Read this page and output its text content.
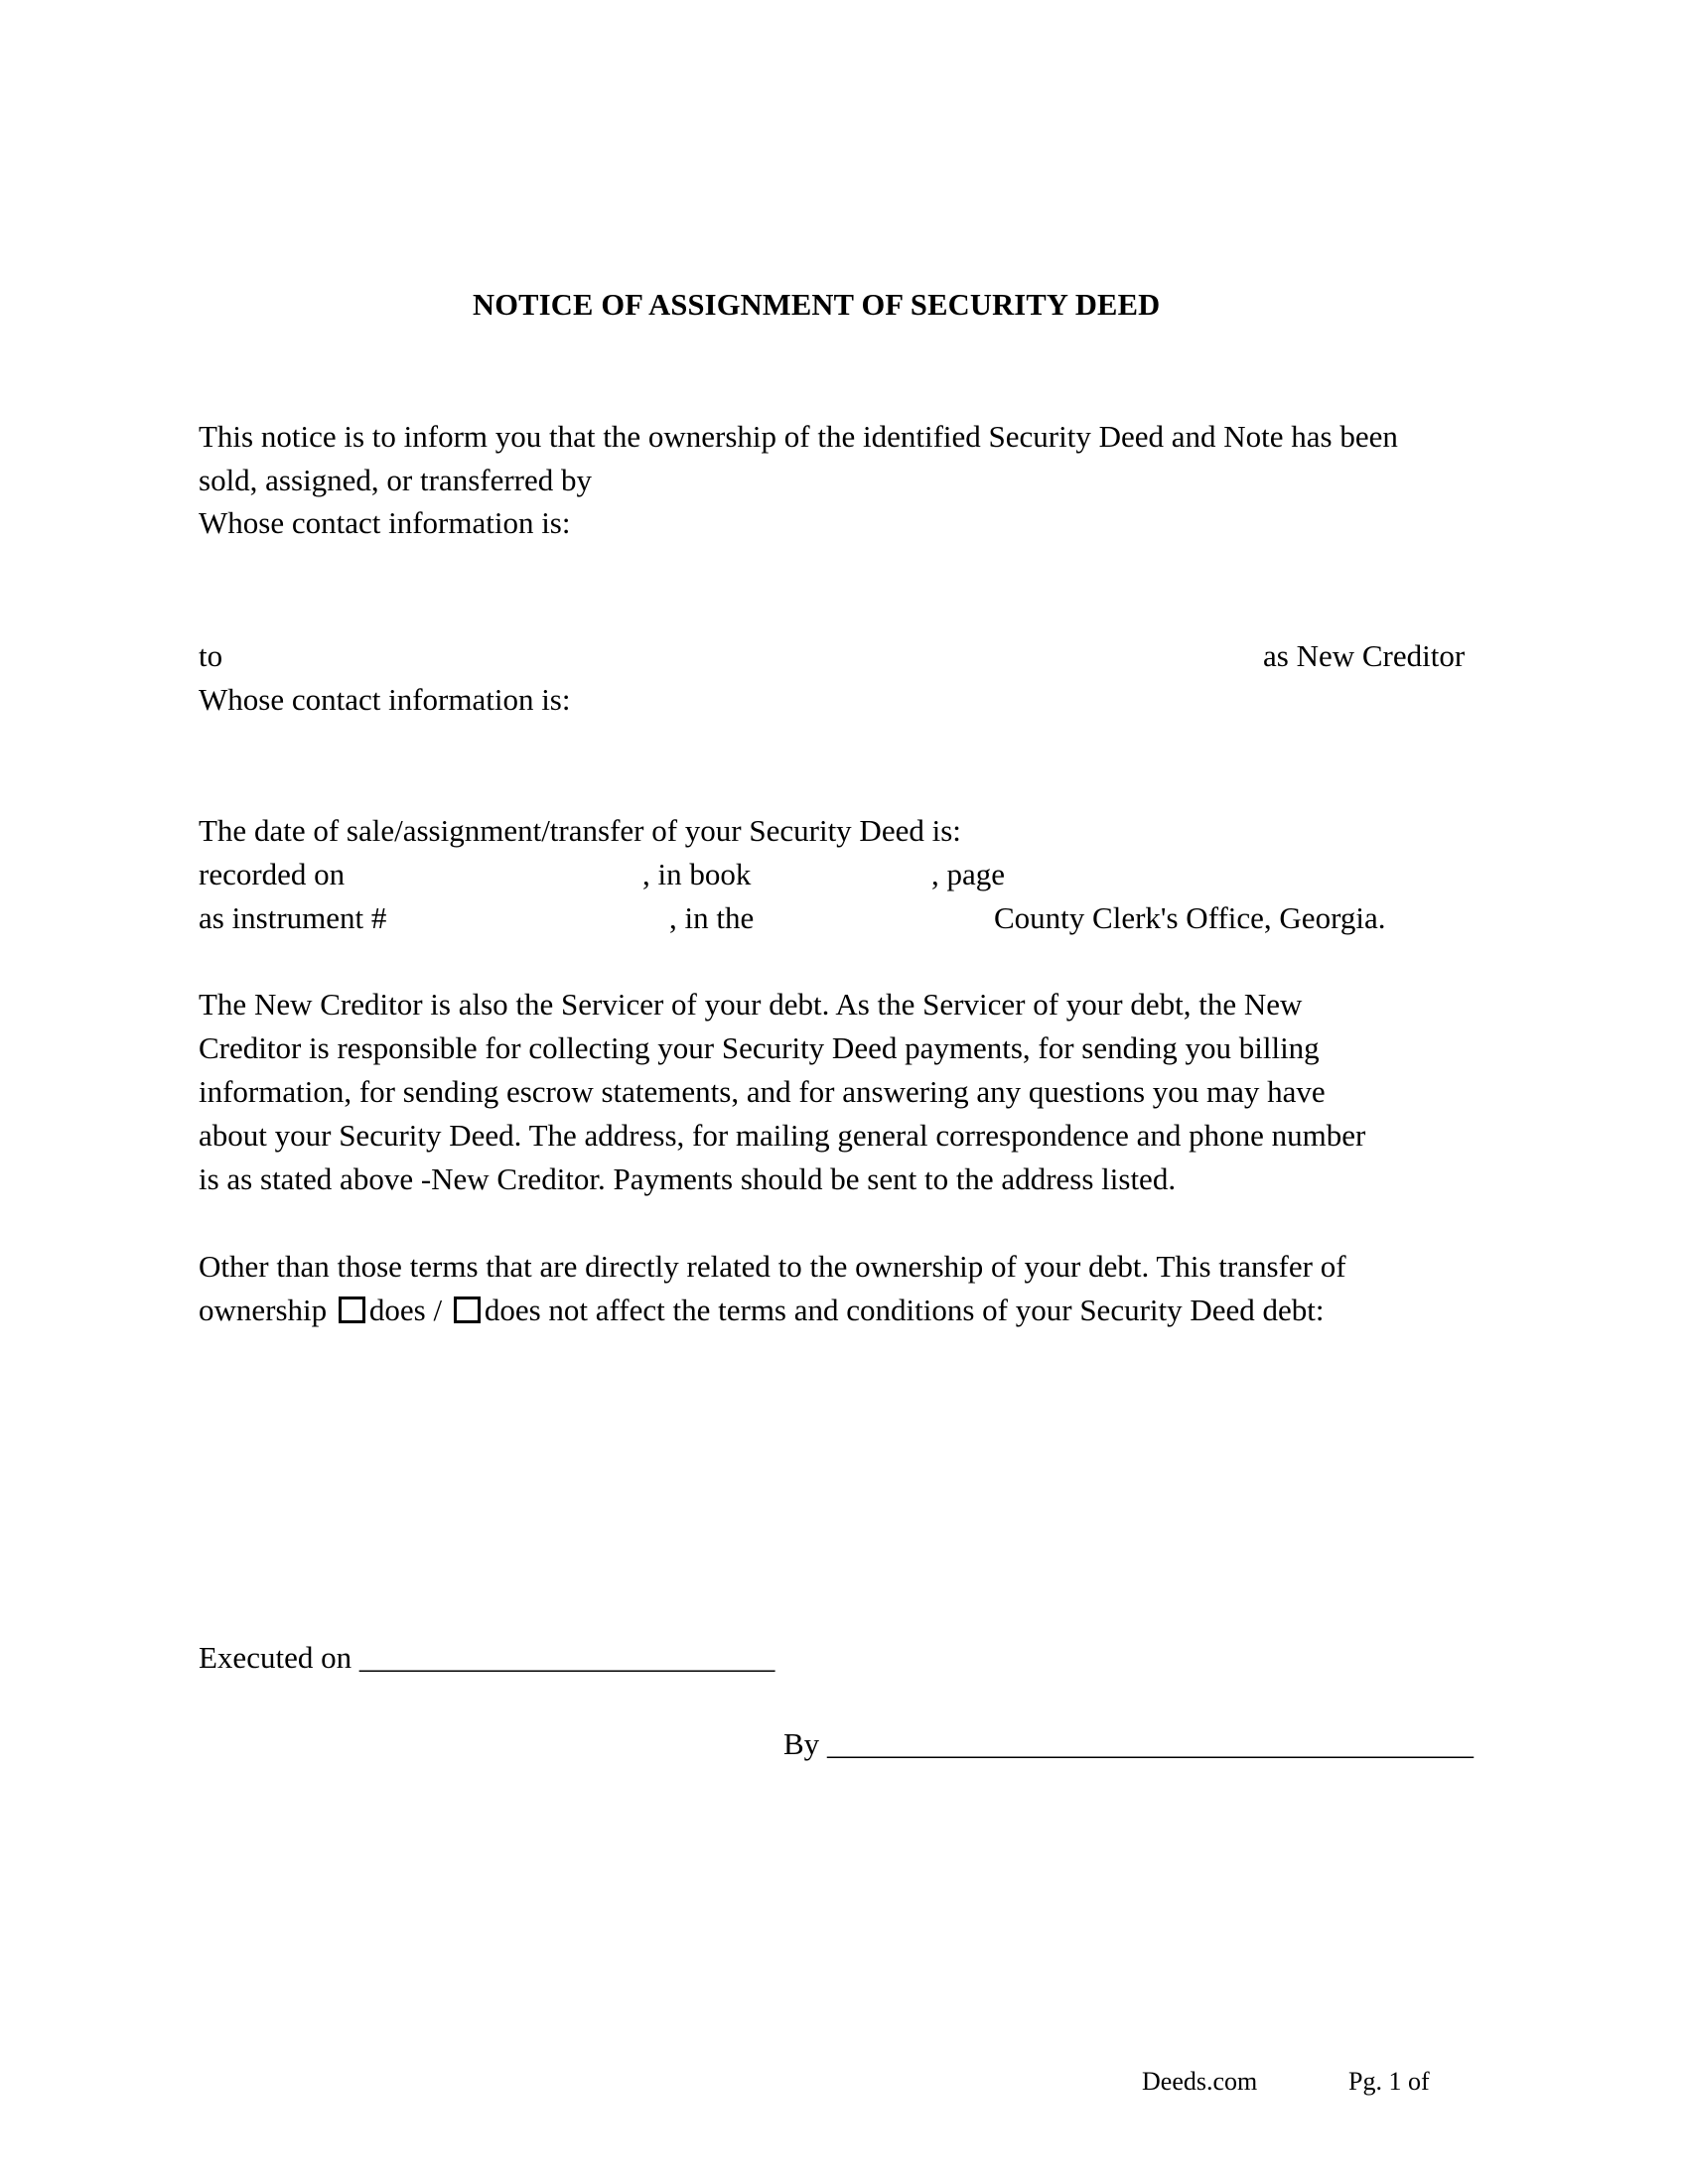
NOTICE OF ASSIGNMENT OF SECURITY DEED
This notice is to inform you that the ownership of the identified Security Deed and Note has been
sold, assigned, or transferred by
Whose contact information is:
to	as New Creditor
Whose contact information is:
The date of sale/assignment/transfer of your Security Deed is:
recorded on	, in book	, page
as instrument #	, in the	County Clerk's Office, Georgia.
The New Creditor is also the Servicer of your debt. As the Servicer of your debt, the New
Creditor is responsible for collecting your Security Deed payments, for sending you billing
information, for sending escrow statements, and for answering any questions you may have
about your Security Deed. The address, for mailing general correspondence and phone number
is as stated above -New Creditor. Payments should be sent to the address listed.
Other than those terms that are directly related to the ownership of your debt. This transfer of
ownership does / does not affect the terms and conditions of your Security Deed debt:
Executed on ___________________________
By __________________________________________
Deeds.com	Pg. 1 of
